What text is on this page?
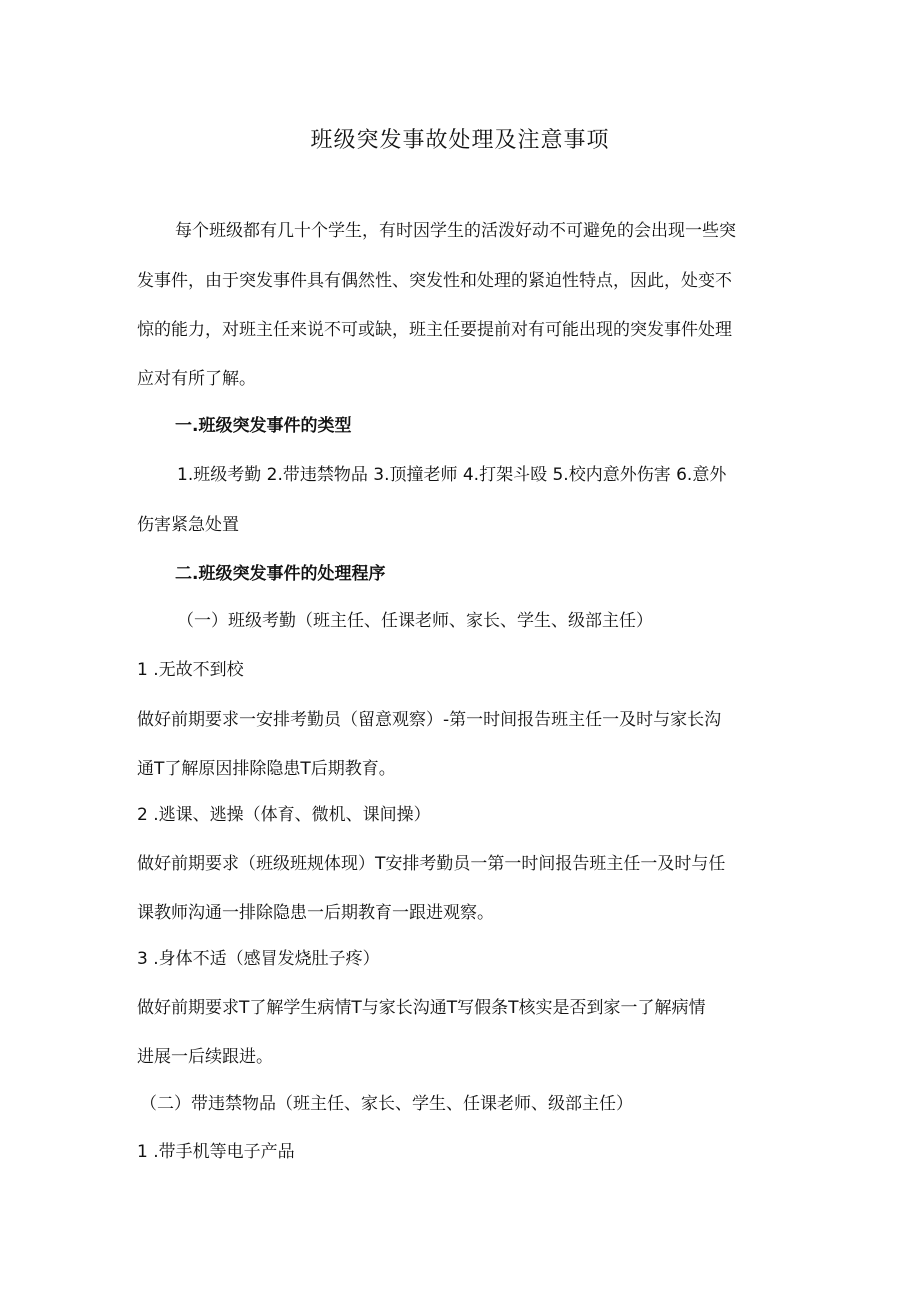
班级突发事故处理及注意事项
每个班级都有几十个学生，有时因学生的活泼好动不可避免的会出现一些突
发事件，由于突发事件具有偶然性、突发性和处理的紧迫性特点，因此，处变不
惊的能力，对班主任来说不可或缺，班主任要提前对有可能出现的突发事件处理
应对有所了解。
一.班级突发事件的类型
1.班级考勤 2.带违禁物品 3.顶撞老师 4.打架斗殴 5.校内意外伤害 6.意外
伤害紧急处置
二.班级突发事件的处理程序
（一）班级考勤（班主任、任课老师、家长、学生、级部主任）
1 .无故不到校
做好前期要求一安排考勤员（留意观察）-第一时间报告班主任一及时与家长沟
通T了解原因排除隐患T后期教育。
2 .逃课、逃操（体育、微机、课间操）
做好前期要求（班级班规体现）T安排考勤员一第一时间报告班主任一及时与任
课教师沟通一排除隐患一后期教育一跟进观察。
3 .身体不适（感冒发烧肚子疼）
做好前期要求T了解学生病情T与家长沟通T写假条T核实是否到家一了解病情
进展一后续跟进。
（二）带违禁物品（班主任、家长、学生、任课老师、级部主任）
1 .带手机等电子产品
